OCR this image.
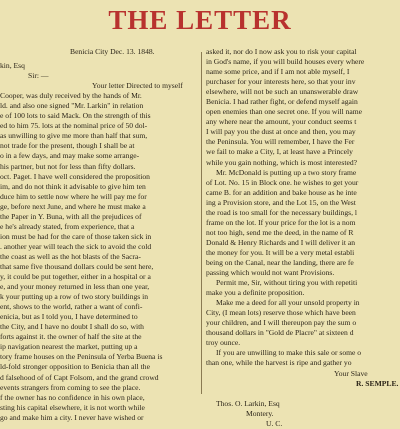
THE LETTER
Benicia City Dec. 13. 1848.
kin, Esq
Sir: —
Your letter Directed to myself
Cooper, was duly received by the hands of Mr.
ld. and also one signed "Mr. Larkin" in relation
e of 100 lots to said Mack. On the strength of this
ed to him 75. lots at the nominal price of 50 dol-
as unwilling to give me more than half that sum,
not trade for the present, though I shall be at
o in a few days, and may make some arrange-
his partner, but not for less than fifty dollars.
oct. Paget. I have well considered the proposition
im, and do not think it advisable to give him ten
duce him to settle now where he will pay me for
ge, before next June, and where he must make a
the Paper in Y. Buna, with all the prejudices of
e he's already stated, from experience, that a
ion must be had for the care of those taken sick in
. another year will teach the sick to avoid the cold
the coast as well as the hot blasts of the Sacra-
that same five thousand dollars could be sent here,
y, it could be put together, either in a hospital or a
e, and your money returned in less than one year,
k your putting up a row of two story buildings in
ent, shows to the world, rather a want of confi-
enicia, but as I told you, I have determined to
the City, and I have no doubt I shall do so, with
forts against it. the owner of half the site at the
ip navigation nearest the market, putting up a
tory frame houses on the Peninsula of Yerba Buena is
ld-fold stronger opposition to Benicia than all the
d falsehood of of Capt Folsom, and the grand crowd
events strangers from coming to see the place.
f the owner has no confidence in his own place,
sting his capital elsewhere, it is not worth while
go and make him a city. I never have wished or
asked it, nor do I now ask you to risk your capital
in God's name, if you will build houses every where
name some price, and if I am not able myself, I
purchaser for your interests here, so that your inv
elsewhere, will not be such an unanswerable draw
Benicia. I had rather fight, or defend myself again
open enemies than one secret one. If you will name
any where near the amount, your conduct seems t
I will pay you the dust at once and then, you may
the Peninsula. You will remember, I have the Fer
we fail to make a City, I, at least have a Princely
while you gain nothing, which is most interested?
Mr. McDonald is putting up a two story frame
of Lot. No. 15 in Block one. he wishes to get your
came B. for an addition and bake house as he inte
ing a Provision store, and the Lot 15, on the West
the road is too small for the necessary buildings, l
frame on the lot. If your price for the lot is a nom
not too high, send me the deed, in the name of R
Donald & Henry Richards and I will deliver it an
the money for you. It will be a very metal establi
being on the Canal, near the landing, there are fe
passing which would not want Provisions.
Permit me, Sir, without tiring you with repetiti
make you a definite proposition.
Make me a deed for all your unsold property in
City, (I mean lots) reserve those which have been
your children, and I will thereupon pay the sum o
thousand dollars in "Gold de Placre" at sixteen d
troy ounce.
If you are unwilling to make this sale or some o
than one, while the harvest is ripe and gather yo
Your Slave
R. SEMPLE.
Thos. O. Larkin, Esq
Montery.
U. C.
